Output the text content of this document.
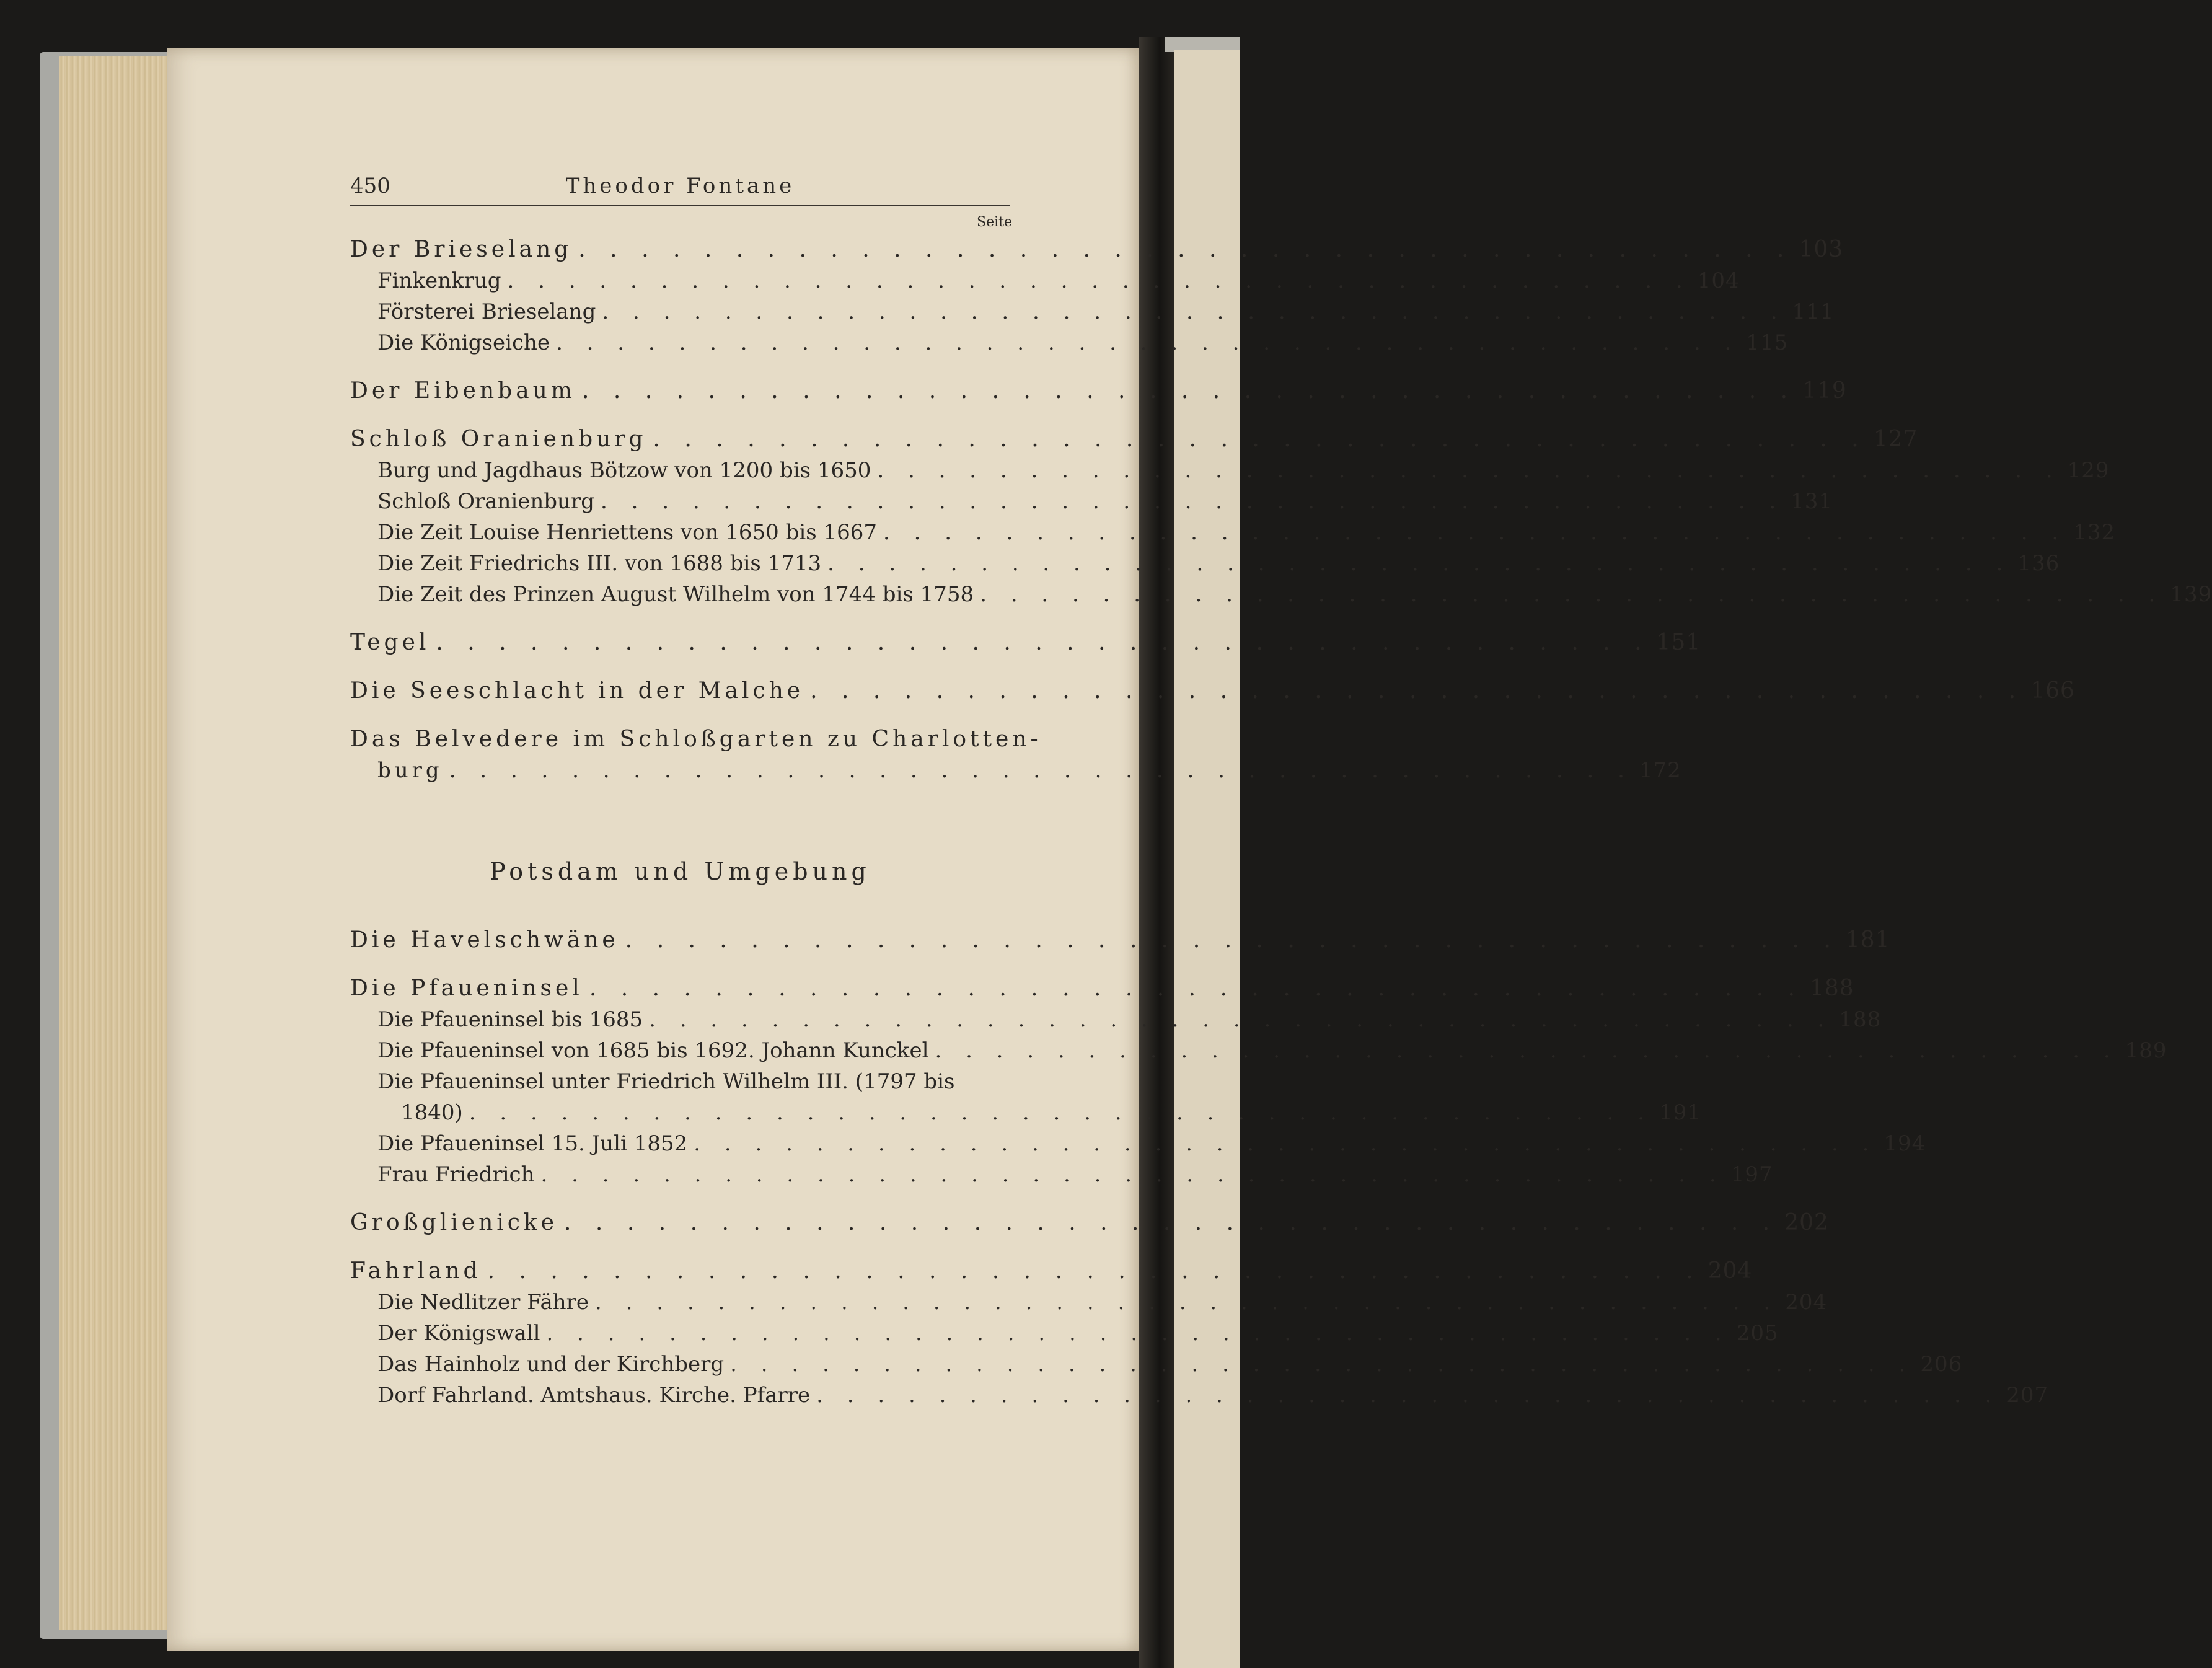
450	Theodor Fontane
Seite
Der Brieselang . . . . . . . . . . . . . . . . . . . . . . . . . . . . . . . . . . . . . . . 103
Finkenkrug . . . . . . . . . . . . . . . . . . . . . . . . . . . . . . . . . . . . . . . 104
Försterei Brieselang . . . . . . . . . . . . . . . . . . . . . . . . . . . . . . . . . . . . . . . 111
Die Königseiche . . . . . . . . . . . . . . . . . . . . . . . . . . . . . . . . . . . . . . . 115
Der Eibenbaum . . . . . . . . . . . . . . . . . . . . . . . . . . . . . . . . . . . . . . . 119
Schloß Oranienburg . . . . . . . . . . . . . . . . . . . . . . . . . . . . . . . . . . . . . . . 127
Burg und Jagdhaus Bötzow von 1200 bis 1650 . . . . . . . . . . . . . . . . . . . . . . . . . . . . . . . . . . . . . . . 129
Schloß Oranienburg . . . . . . . . . . . . . . . . . . . . . . . . . . . . . . . . . . . . . . . 131
Die Zeit Louise Henriettens von 1650 bis 1667 . . . . . . . . . . . . . . . . . . . . . . . . . . . . . . . . . . . . . . . 132
Die Zeit Friedrichs III. von 1688 bis 1713 . . . . . . . . . . . . . . . . . . . . . . . . . . . . . . . . . . . . . . . 136
Die Zeit des Prinzen August Wilhelm von 1744 bis 1758 . . . . . . . . . . . . . . . . . . . . . . . . . . . . . . . . . . . . . . . 139
Tegel . . . . . . . . . . . . . . . . . . . . . . . . . . . . . . . . . . . . . . . 151
Die Seeschlacht in der Malche . . . . . . . . . . . . . . . . . . . . . . . . . . . . . . . . . . . . . . . 166
Das Belvedere im Schloßgarten zu Charlotten-
burg . . . . . . . . . . . . . . . . . . . . . . . . . . . . . . . . . . . . . . . 172
Potsdam und Umgebung
Die Havelschwäne . . . . . . . . . . . . . . . . . . . . . . . . . . . . . . . . . . . . . . . 181
Die Pfaueninsel . . . . . . . . . . . . . . . . . . . . . . . . . . . . . . . . . . . . . . . 188
Die Pfaueninsel bis 1685 . . . . . . . . . . . . . . . . . . . . . . . . . . . . . . . . . . . . . . . 188
Die Pfaueninsel von 1685 bis 1692. Johann Kunckel . . . . . . . . . . . . . . . . . . . . . . . . . . . . . . . . . . . . . . . 189
Die Pfaueninsel unter Friedrich Wilhelm III. (1797 bis
1840) . . . . . . . . . . . . . . . . . . . . . . . . . . . . . . . . . . . . . . . 191
Die Pfaueninsel 15. Juli 1852 . . . . . . . . . . . . . . . . . . . . . . . . . . . . . . . . . . . . . . . 194
Frau Friedrich . . . . . . . . . . . . . . . . . . . . . . . . . . . . . . . . . . . . . . . 197
Großglienicke . . . . . . . . . . . . . . . . . . . . . . . . . . . . . . . . . . . . . . . 202
Fahrland . . . . . . . . . . . . . . . . . . . . . . . . . . . . . . . . . . . . . . . 204
Die Nedlitzer Fähre . . . . . . . . . . . . . . . . . . . . . . . . . . . . . . . . . . . . . . . 204
Der Königswall . . . . . . . . . . . . . . . . . . . . . . . . . . . . . . . . . . . . . . . 205
Das Hainholz und der Kirchberg . . . . . . . . . . . . . . . . . . . . . . . . . . . . . . . . . . . . . . . 206
Dorf Fahrland. Amtshaus. Kirche. Pfarre . . . . . . . . . . . . . . . . . . . . . . . . . . . . . . . . . . . . . . . 207
